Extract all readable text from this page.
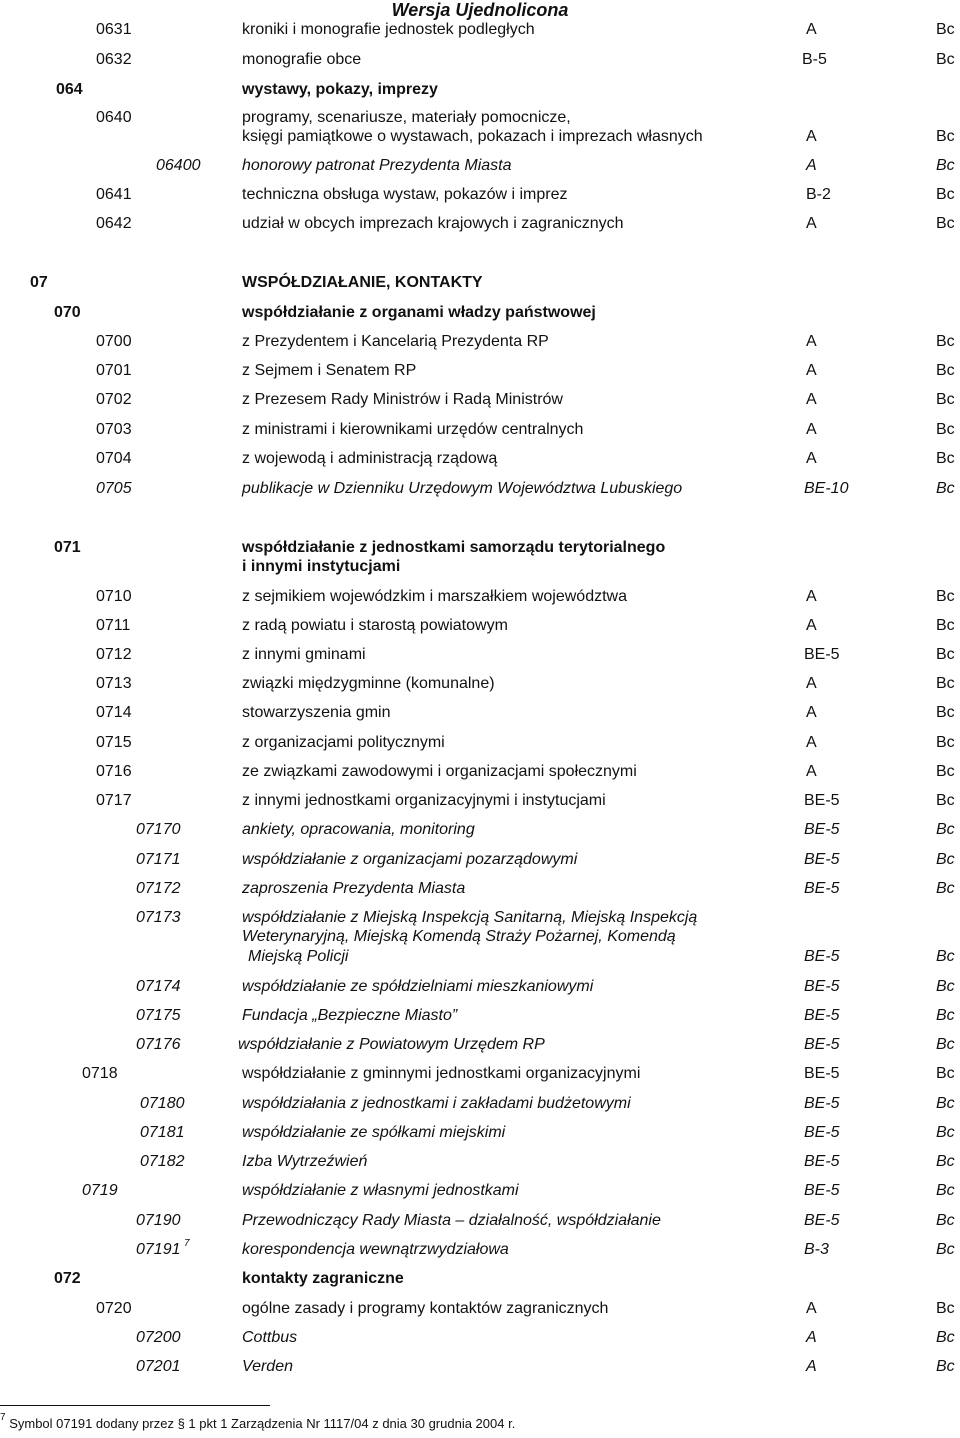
Wersja Ujednolicona
0631	kroniki i monografie jednostek podległych	A	Bc
0632	monografie obce	B-5	Bc
064	wystawy, pokazy, imprezy
0640	programy, scenariusze, materiały pomocnicze,
księgi pamiątkowe o wystawach, pokazach i imprezach własnych	A	Bc
06400	honorowy patronat Prezydenta Miasta	A	Bc
0641	techniczna obsługa wystaw, pokazów i imprez	B-2	Bc
0642	udział w obcych imprezach krajowych i zagranicznych	A	Bc
07	WSPÓŁDZIAŁANIE, KONTAKTY
070	współdziałanie z organami władzy państwowej
0700	z Prezydentem i Kancelarią Prezydenta RP	A	Bc
0701	z Sejmem i Senatem RP	A	Bc
0702	z Prezesem Rady Ministrów i Radą Ministrów	A	Bc
0703	z ministrami i kierownikami urzędów centralnych	A	Bc
0704	z wojewodą i administracją rządową	A	Bc
0705	publikacje w Dzienniku Urzędowym Województwa Lubuskiego	BE-10	Bc
071	współdziałanie z jednostkami samorządu terytorialnego
i innymi instytucjami
0710	z sejmikiem wojewódzkim i marszałkiem województwa	A	Bc
0711	z radą powiatu i starostą powiatowym	A	Bc
0712	z innymi gminami	BE-5	Bc
0713	związki międzygminne (komunalne)	A	Bc
0714	stowarzyszenia gmin	A	Bc
0715	z organizacjami politycznymi	A	Bc
0716	ze związkami zawodowymi i organizacjami społecznymi	A	Bc
0717	z innymi jednostkami organizacyjnymi i instytucjami	BE-5	Bc
07170	ankiety, opracowania, monitoring	BE-5	Bc
07171	współdziałanie z organizacjami pozarządowymi	BE-5	Bc
07172	zaproszenia Prezydenta Miasta	BE-5	Bc
07173	współdziałanie z Miejską Inspekcją Sanitarną, Miejską Inspekcją
Weterynaryjną, Miejską Komendą Straży Pożarnej, Komendą
Miejską Policji	BE-5	Bc
07174	współdziałanie ze spółdzielniami mieszkaniowymi	BE-5	Bc
07175	Fundacja „Bezpieczne Miasto”	BE-5	Bc
07176	współdziałanie z Powiatowym Urzędem RP	BE-5	Bc
0718	współdziałanie z gminnymi jednostkami organizacyjnymi	BE-5	Bc
07180	współdziałania z jednostkami i zakładami budżetowymi	BE-5	Bc
07181	współdziałanie ze spółkami miejskimi	BE-5	Bc
07182	Izba Wytrzeźwień	BE-5	Bc
0719	współdziałanie z własnymi jednostkami	BE-5	Bc
07190	Przewodniczący Rady Miasta – działalność, współdziałanie	BE-5	Bc
07191 $^7$	korespondencja wewnątrzwydziałowa	B-3	Bc
072	kontakty zagraniczne
0720	ogólne zasady i programy kontaktów zagranicznych	A	Bc
07200	Cottbus	A	Bc
07201	Verden	A	Bc
$^7$ Symbol 07191 dodany przez § 1 pkt 1 Zarządzenia Nr 1117/04 z dnia 30 grudnia 2004 r.
